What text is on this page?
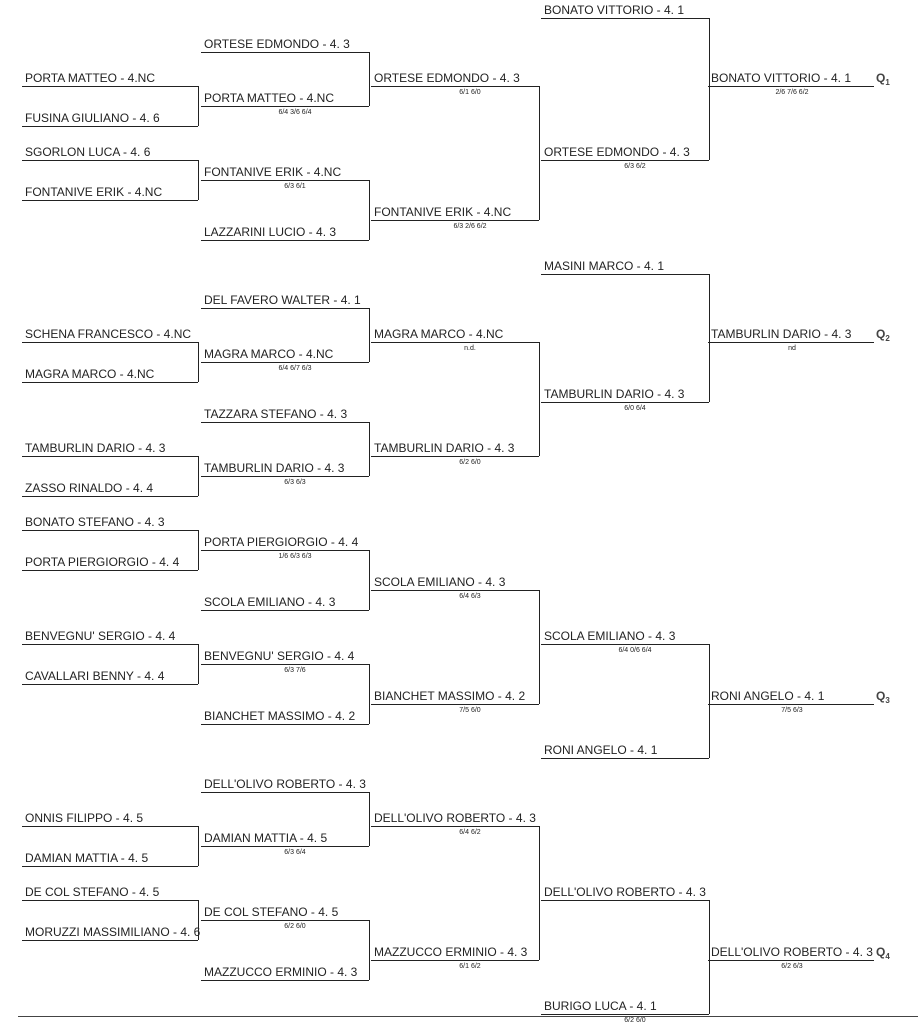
PORTA MATTEO - 4.NC
FUSINA GIULIANO - 4. 6
SGORLON LUCA - 4. 6
FONTANIVE ERIK - 4.NC
ORTESE EDMONDO - 4. 3
PORTA MATTEO - 4.NC
FONTANIVE ERIK - 4.NC
LAZZARINI LUCIO - 4. 3
6/4 3/6 6/4
6/3 6/1
ORTESE EDMONDO - 4. 3
FONTANIVE ERIK - 4.NC
6/1 6/0
6/3 2/6 6/2
BONATO VITTORIO - 4. 1
ORTESE EDMONDO - 4. 3
6/3 6/2
BONATO VITTORIO - 4. 1
2/6 7/6 6/2
$Q_1$
SCHENA FRANCESCO - 4.NC
MAGRA MARCO - 4.NC
TAMBURLIN DARIO - 4. 3
ZASSO RINALDO - 4. 4
DEL FAVERO WALTER - 4. 1
MAGRA MARCO - 4.NC
TAZZARA STEFANO - 4. 3
TAMBURLIN DARIO - 4. 3
6/4 6/7 6/3
6/3 6/3
MAGRA MARCO - 4.NC
TAMBURLIN DARIO - 4. 3
n.d.
6/2 6/0
MASINI MARCO - 4. 1
TAMBURLIN DARIO - 4. 3
6/0 6/4
TAMBURLIN DARIO - 4. 3
nd
$Q_2$
BONATO STEFANO - 4. 3
PORTA PIERGIORGIO - 4. 4
BENVEGNU' SERGIO - 4. 4
CAVALLARI BENNY - 4. 4
PORTA PIERGIORGIO - 4. 4
SCOLA EMILIANO - 4. 3
BENVEGNU' SERGIO - 4. 4
BIANCHET MASSIMO - 4. 2
1/6 6/3 6/3
6/3 7/6
SCOLA EMILIANO - 4. 3
BIANCHET MASSIMO - 4. 2
6/4 6/3
7/5 6/0
SCOLA EMILIANO - 4. 3
RONI ANGELO - 4. 1
6/4 0/6 6/4
RONI ANGELO - 4. 1
7/5 6/3
$Q_3$
ONNIS FILIPPO - 4. 5
DAMIAN MATTIA - 4. 5
DE COL STEFANO - 4. 5
MORUZZI MASSIMILIANO - 4. 6
DELL'OLIVO ROBERTO - 4. 3
DAMIAN MATTIA - 4. 5
DE COL STEFANO - 4. 5
MAZZUCCO ERMINIO - 4. 3
6/3 6/4
6/2 6/0
DELL'OLIVO ROBERTO - 4. 3
MAZZUCCO ERMINIO - 4. 3
6/4 6/2
6/1 6/2
DELL'OLIVO ROBERTO - 4. 3
BURIGO LUCA - 4. 1
6/2 6/0
DELL'OLIVO ROBERTO - 4. 3
6/2 6/3
$Q_4$
